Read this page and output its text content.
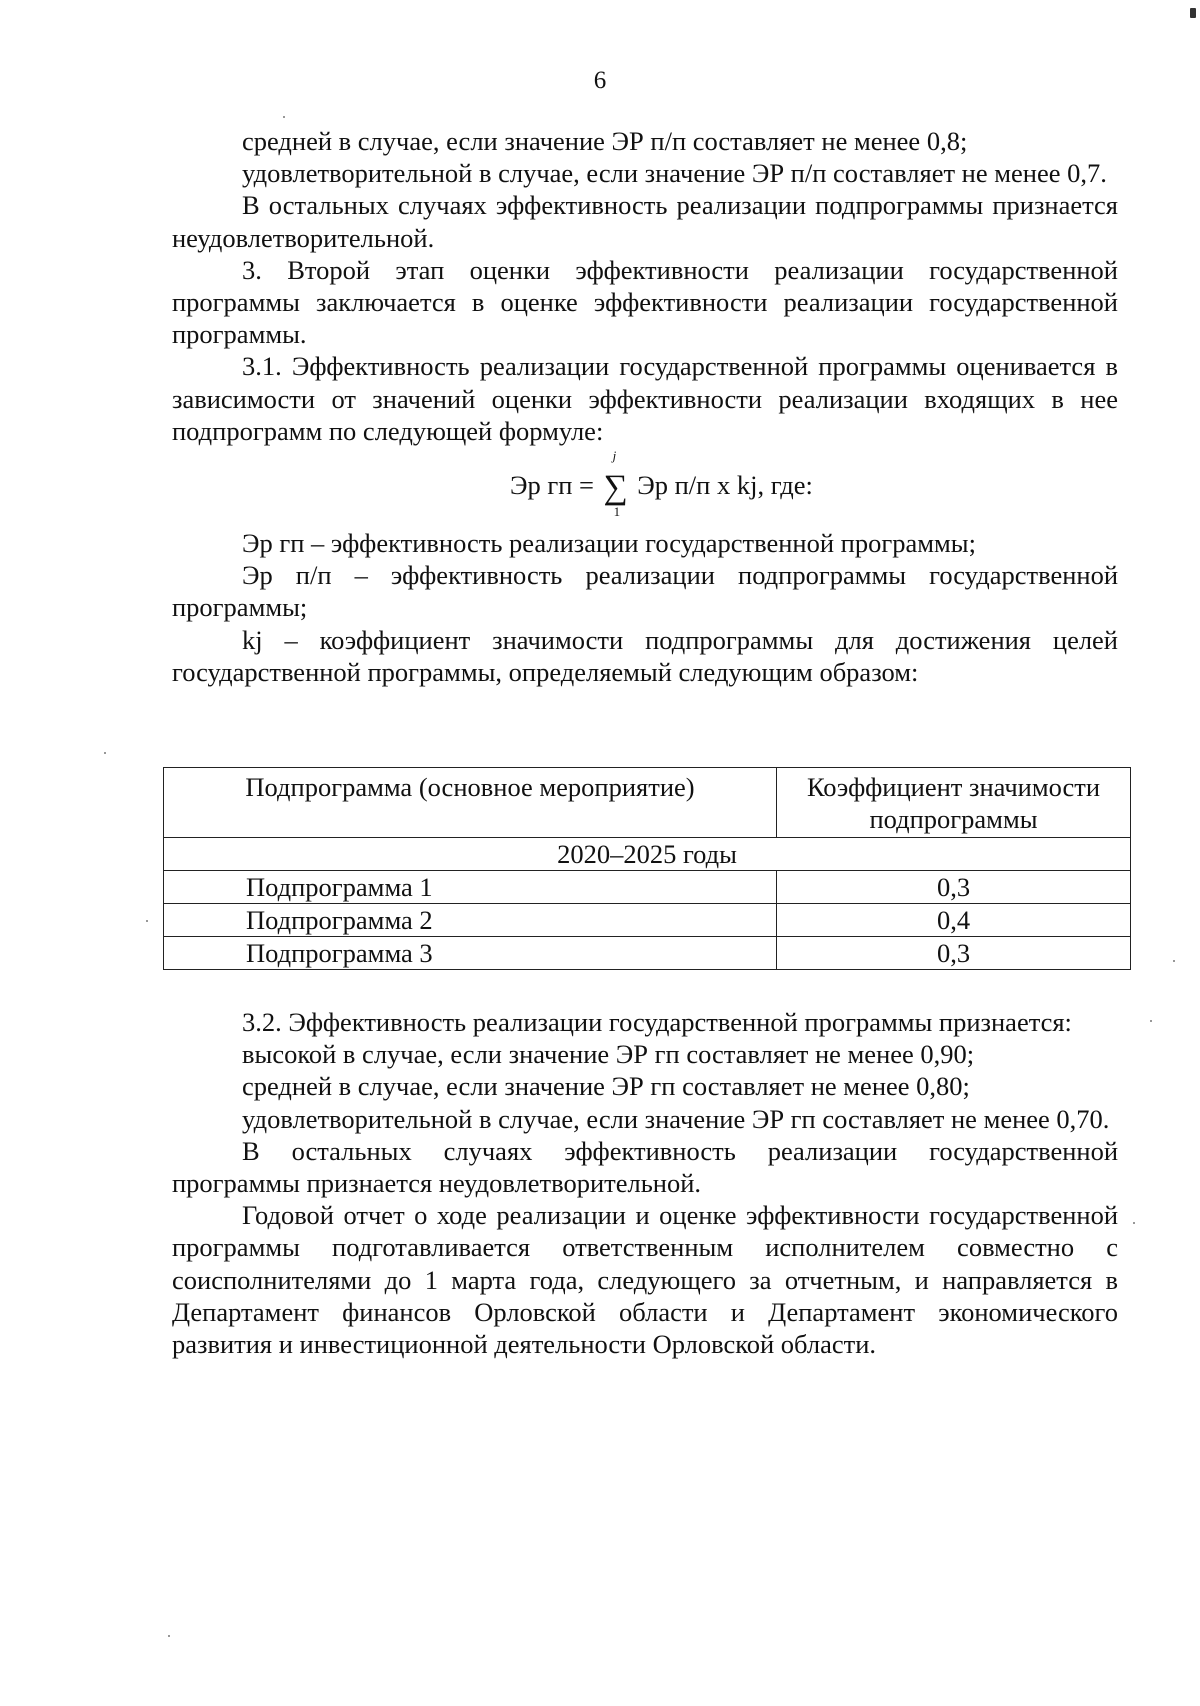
6

средней в случае, если значение ЭР п/п составляет не менее 0,8;

удовлетворительной в случае, если значение ЭР п/п составляет не менее 0,7.

В остальных случаях эффективность реализации подпрограммы признается неудовлетворительной.

3. Второй этап оценки эффективности реализации государственной программы заключается в оценке эффективности реализации государственной программы.

3.1. Эффективность реализации государственной программы оценивается в зависимости от значений оценки эффективности реализации входящих в нее подпрограмм по следующей формуле:

Эр гп =
j
∑
1
Эр п/п х kj, где:

Эр гп – эффективность реализации государственной программы;

Эр п/п – эффективность реализации подпрограммы государственной программы;

kj – коэффициент значимости подпрограммы для достижения целей государственной программы, определяемый следующим образом:

Подпрограмма (основное мероприятие)	Коэффициент значимости подпрограммы
2020–2025 годы	
Подпрограмма 1	0,3
Подпрограмма 2	0,4
Подпрограмма 3	0,3

3.2. Эффективность реализации государственной программы признается:

высокой в случае, если значение ЭР гп составляет не менее 0,90;

средней в случае, если значение ЭР гп составляет не менее 0,80;

удовлетворительной в случае, если значение ЭР гп составляет не менее 0,70.

В остальных случаях эффективность реализации государственной программы признается неудовлетворительной.

Годовой отчет о ходе реализации и оценке эффективности государственной программы подготавливается ответственным исполнителем совместно с соисполнителями до 1 марта года, следующего за отчетным, и направляется в Департамент финансов Орловской области и Департамент экономического развития и инвестиционной деятельности Орловской области.
